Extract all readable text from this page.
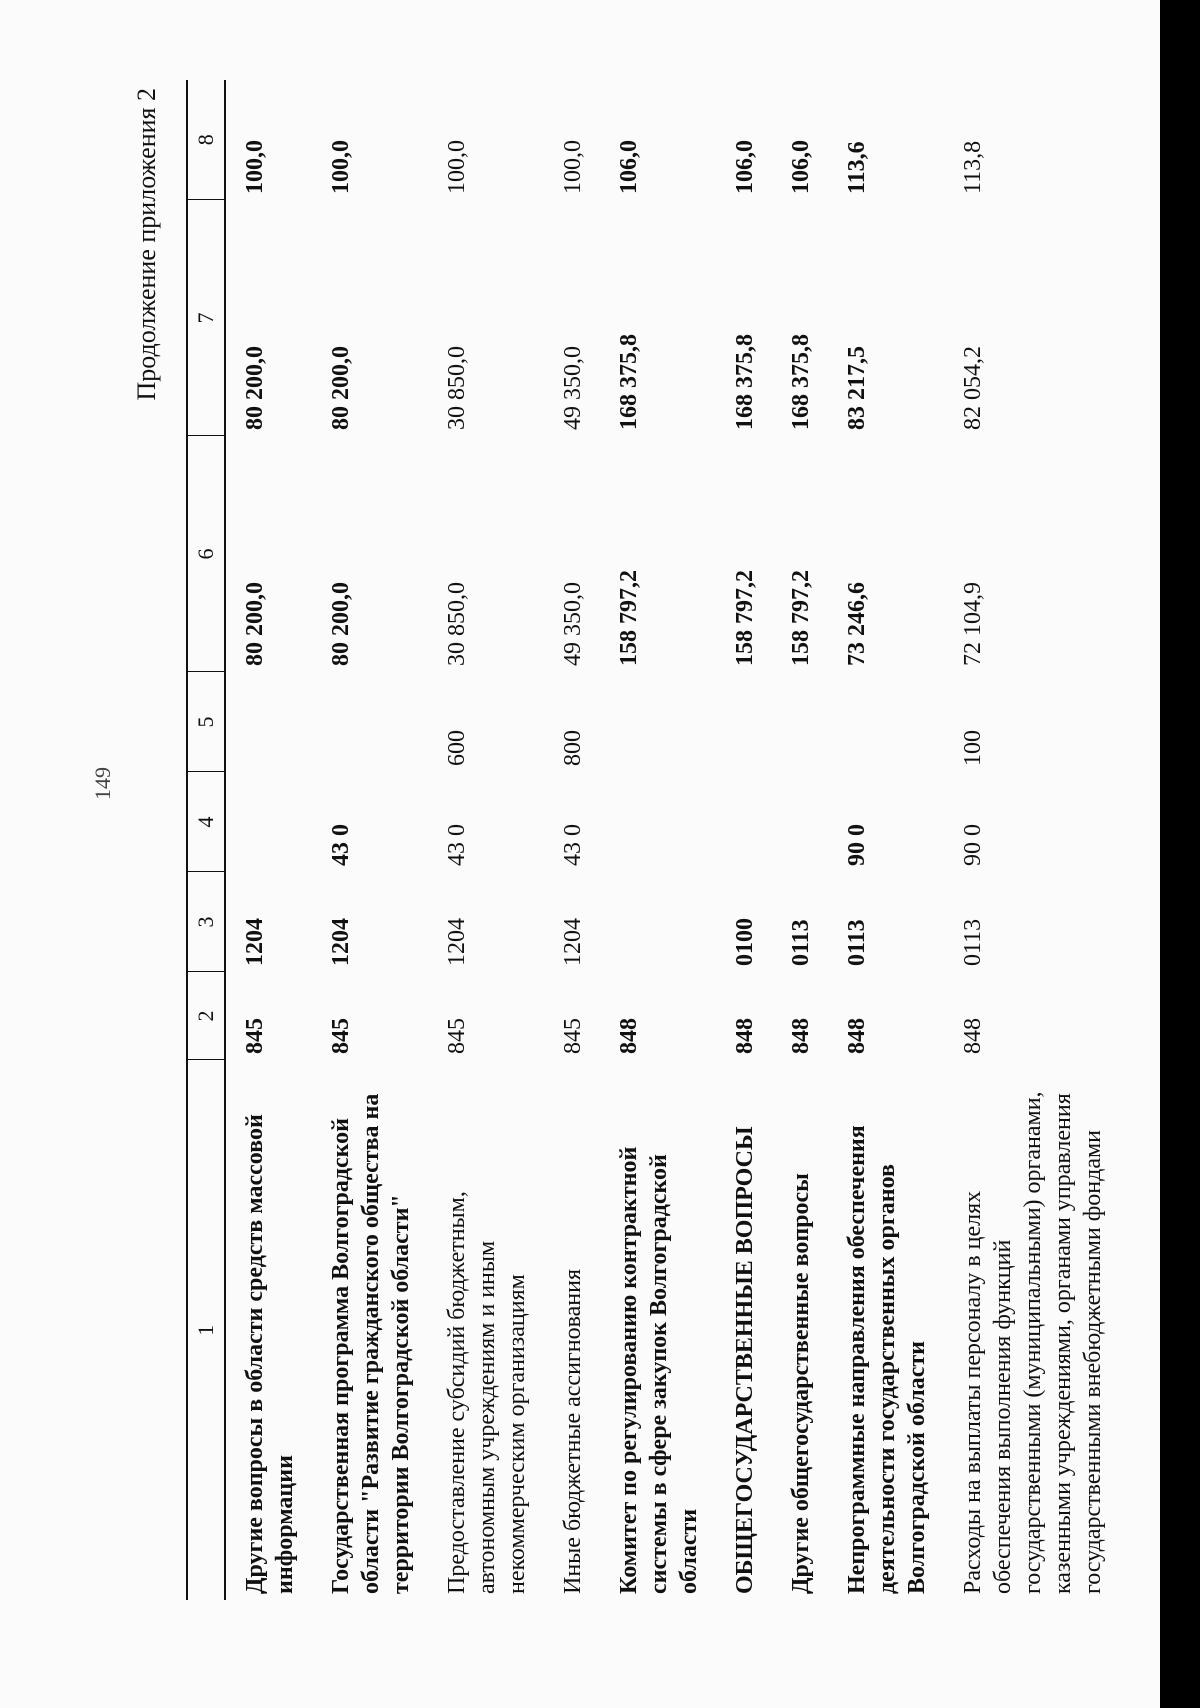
149
Продолжение приложения 2
1	2	3	4	5	6	7	8
Другие вопросы в области средств массовой информации	845	1204			80 200,0	80 200,0	100,0
Государственная программа Волгоградской области "Развитие гражданского общества на территории Волгоградской области"	845	1204	43 0		80 200,0	80 200,0	100,0
Предоставление субсидий бюджетным, автономным учреждениям и иным некоммерческим организациям	845	1204	43 0	600	30 850,0	30 850,0	100,0
Иные бюджетные ассигнования	845	1204	43 0	800	49 350,0	49 350,0	100,0
Комитет по регулированию контрактной системы в сфере закупок Волгоградской области	848				158 797,2	168 375,8	106,0
ОБЩЕГОСУДАРСТВЕННЫЕ ВОПРОСЫ	848	0100			158 797,2	168 375,8	106,0
Другие общегосударственные вопросы	848	0113			158 797,2	168 375,8	106,0
Непрограммные направления обеспечения деятельности государственных органов Волгоградской области	848	0113	90 0		73 246,6	83 217,5	113,6
Расходы на выплаты персоналу в целях обеспечения выполнения функций государственными (муниципальными) органами, казенными учреждениями, органами управления государственными внебюджетными фондами	848	0113	90 0	100	72 104,9	82 054,2	113,8
